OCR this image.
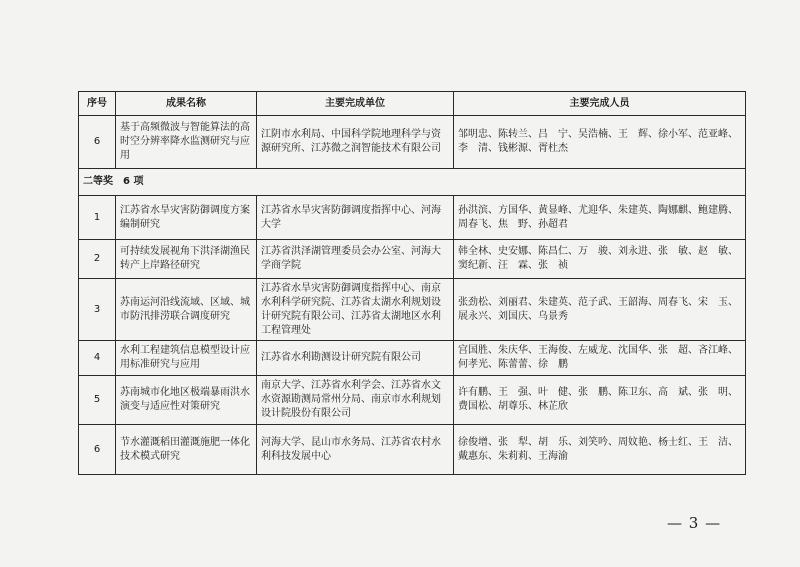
序号	成果名称	主要完成单位	主要完成人员
6	基于高频微波与智能算法的高时空分辨率降水监测研究与应用	江阴市水利局、中国科学院地理科学与资源研究所、江苏微之润智能技术有限公司	邹明忠、陈转兰、吕　宁、吴浩楠、王　辉、徐小军、范亚峰、李　清、钱彬源、胥杜杰
二等奖　6 项			
1	江苏省水旱灾害防御调度方案编制研究	江苏省水旱灾害防御调度指挥中心、河海大学	孙洪滨、方国华、黄显峰、尤迎华、朱建英、陶娜麒、鲍建腾、周春飞、焦　野、孙超君
2	可持续发展视角下洪泽湖渔民转产上岸路径研究	江苏省洪泽湖管理委员会办公室、河海大学商学院	韩全林、史安娜、陈昌仁、万　骏、刘永进、张　敏、赵　敏、窦纪新、汪　霖、张　祯
3	苏南运河沿线流域、区域、城市防汛排涝联合调度研究	江苏省水旱灾害防御调度指挥中心、南京水利科学研究院、江苏省太湖水利规划设计研究院有限公司、江苏省太湖地区水利工程管理处	张劲松、刘丽君、朱建英、范子武、王韶海、周春飞、宋　玉、展永兴、刘国庆、乌景秀
4	水利工程建筑信息模型设计应用标准研究与应用	江苏省水利勘测设计研究院有限公司	宫国胜、朱庆华、王海俊、左威龙、沈国华、张　超、吝江峰、何孝光、陈蕾蕾、徐　鹏
5	苏南城市化地区极端暴雨洪水演变与适应性对策研究	南京大学、江苏省水利学会、江苏省水文水资源勘测局常州分局、南京市水利规划设计院股份有限公司	许有鹏、王　强、叶　健、张　鹏、陈卫东、高　斌、张　明、费国松、胡尊乐、林芷欣
6	节水灌溉稻田灌溉施肥一体化技术模式研究	河海大学、昆山市水务局、江苏省农村水利科技发展中心	徐俊增、张　犁、胡　乐、刘笑吟、周妏艳、杨士红、王　洁、戴惠东、朱莉莉、王海渝
— 3 —
